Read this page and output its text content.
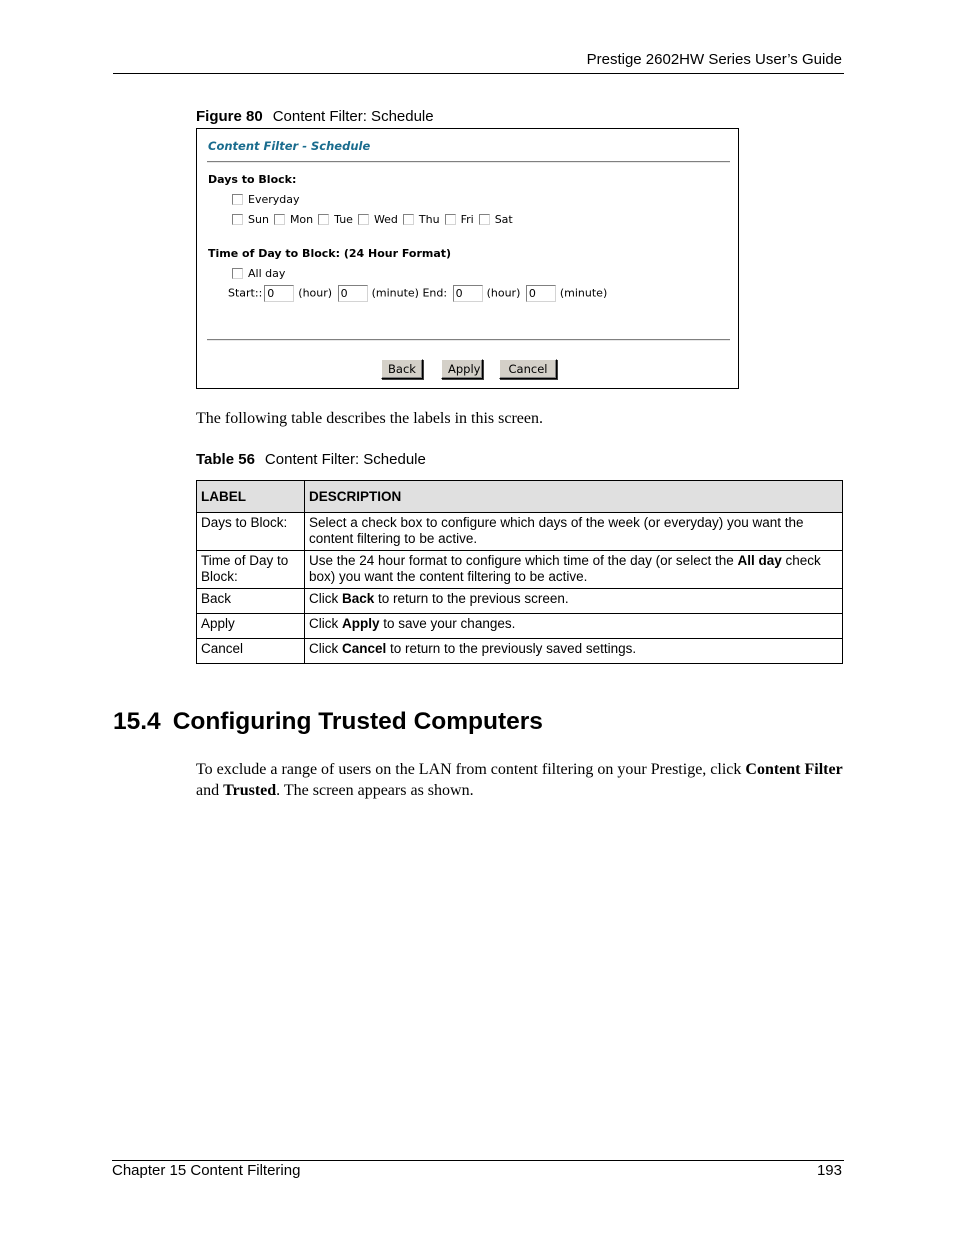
Prestige 2602HW Series User’s Guide
Figure 80 Content Filter: Schedule
Content Filter - Schedule
Days to Block:
Everyday
Sun Mon Tue Wed Thu Fri Sat
Time of Day to Block: (24 Hour Format)
All day
Start:: 0 (hour) 0 (minute) End: 0 (hour) 0 (minute)
Back	Apply	Cancel
The following table describes the labels in this screen.
Table 56 Content Filter: Schedule
LABEL	DESCRIPTION
Days to Block:	Select a check box to configure which days of the week (or everyday) you want the content filtering to be active.
Time of Day to Block:	Use the 24 hour format to configure which time of the day (or select the All day check box) you want the content filtering to be active.
Back	Click Back to return to the previous screen.
Apply	Click Apply to save your changes.
Cancel	Click Cancel to return to the previously saved settings.
15.4 Configuring Trusted Computers
To exclude a range of users on the LAN from content filtering on your Prestige, click Content Filter and Trusted. The screen appears as shown.
Chapter 15 Content Filtering	193
